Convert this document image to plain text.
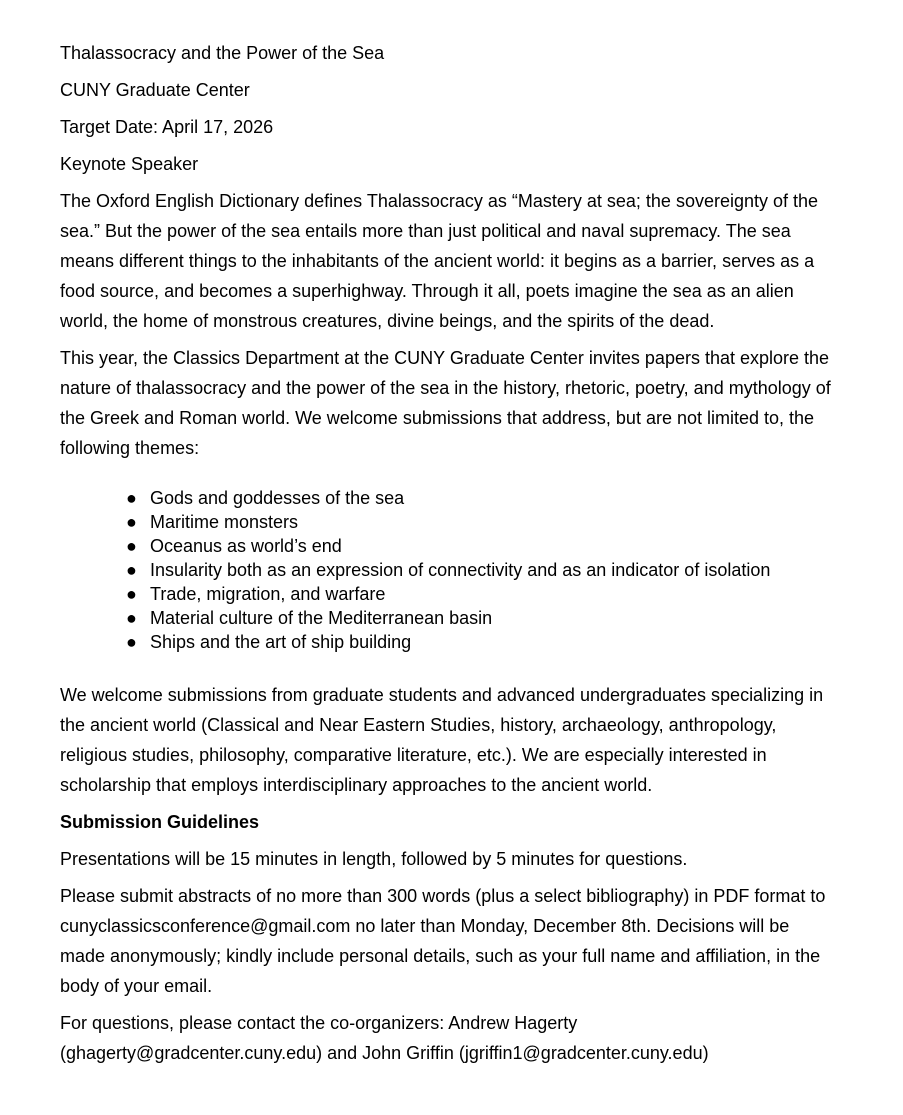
Thalassocracy and the Power of the Sea

CUNY Graduate Center

Target Date: April 17, 2026

Keynote Speaker

The Oxford English Dictionary defines Thalassocracy as “Mastery at sea; the sovereignty of the sea.” But the power of the sea entails more than just political and naval supremacy. The sea means different things to the inhabitants of the ancient world: it begins as a barrier, serves as a food source, and becomes a superhighway. Through it all, poets imagine the sea as an alien world, the home of monstrous creatures, divine beings, and the spirits of the dead.

This year, the Classics Department at the CUNY Graduate Center invites papers that explore the nature of thalassocracy and the power of the sea in the history, rhetoric, poetry, and mythology of the Greek and Roman world. We welcome submissions that address, but are not limited to, the following themes:

● Gods and goddesses of the sea
● Maritime monsters
● Oceanus as world’s end
● Insularity both as an expression of connectivity and as an indicator of isolation
● Trade, migration, and warfare
● Material culture of the Mediterranean basin
● Ships and the art of ship building

We welcome submissions from graduate students and advanced undergraduates specializing in the ancient world (Classical and Near Eastern Studies, history, archaeology, anthropology, religious studies, philosophy, comparative literature, etc.). We are especially interested in scholarship that employs interdisciplinary approaches to the ancient world.

Submission Guidelines

Presentations will be 15 minutes in length, followed by 5 minutes for questions.

Please submit abstracts of no more than 300 words (plus a select bibliography) in PDF format to cunyclassicsconference@gmail.com no later than Monday, December 8th. Decisions will be made anonymously; kindly include personal details, such as your full name and affiliation, in the body of your email.

For questions, please contact the co-organizers: Andrew Hagerty (ghagerty@gradcenter.cuny.edu) and John Griffin (jgriffin1@gradcenter.cuny.edu)
